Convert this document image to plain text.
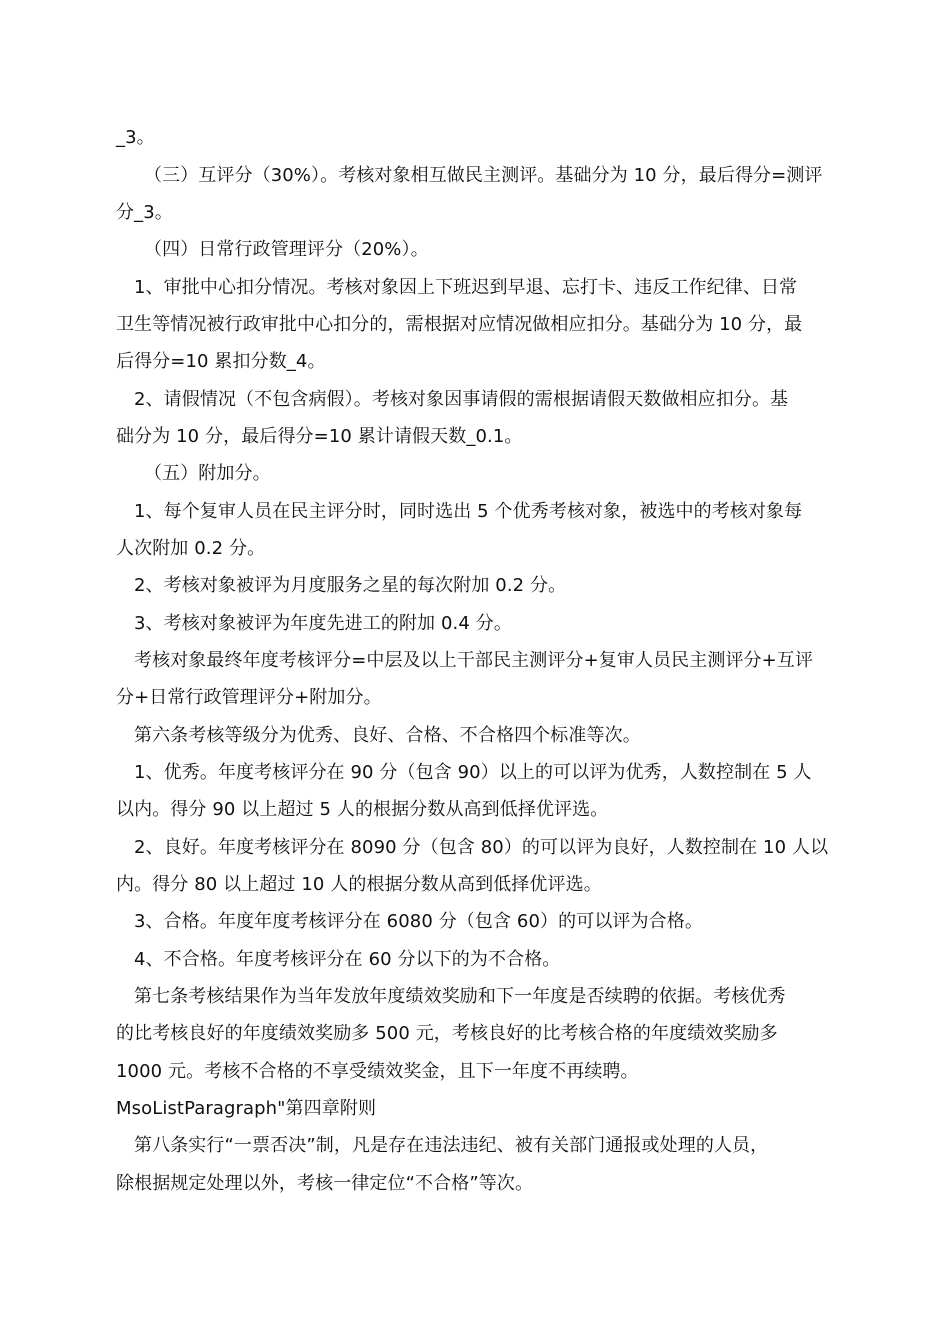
_3。
（三）互评分（30%）。考核对象相互做民主测评。基础分为 10 分，最后得分=测评
分_3。
（四）日常行政管理评分（20%）。
1、审批中心扣分情况。考核对象因上下班迟到早退、忘打卡、违反工作纪律、日常
卫生等情况被行政审批中心扣分的，需根据对应情况做相应扣分。基础分为 10 分，最
后得分=10 累扣分数_4。
2、请假情况（不包含病假）。考核对象因事请假的需根据请假天数做相应扣分。基
础分为 10 分，最后得分=10 累计请假天数_0.1。
（五）附加分。
1、每个复审人员在民主评分时，同时选出 5 个优秀考核对象，被选中的考核对象每
人次附加 0.2 分。
2、考核对象被评为月度服务之星的每次附加 0.2 分。
3、考核对象被评为年度先进工的附加 0.4 分。
考核对象最终年度考核评分=中层及以上干部民主测评分+复审人员民主测评分+互评
分+日常行政管理评分+附加分。
第六条考核等级分为优秀、良好、合格、不合格四个标准等次。
1、优秀。年度考核评分在 90 分（包含 90）以上的可以评为优秀，人数控制在 5 人
以内。得分 90 以上超过 5 人的根据分数从高到低择优评选。
2、良好。年度考核评分在 8090 分（包含 80）的可以评为良好，人数控制在 10 人以
内。得分 80 以上超过 10 人的根据分数从高到低择优评选。
3、合格。年度年度考核评分在 6080 分（包含 60）的可以评为合格。
4、不合格。年度考核评分在 60 分以下的为不合格。
第七条考核结果作为当年发放年度绩效奖励和下一年度是否续聘的依据。考核优秀
的比考核良好的年度绩效奖励多 500 元，考核良好的比考核合格的年度绩效奖励多
1000 元。考核不合格的不享受绩效奖金，且下一年度不再续聘。
MsoListParagraph"第四章附则
第八条实行“一票否决”制，凡是存在违法违纪、被有关部门通报或处理的人员，
除根据规定处理以外，考核一律定位“不合格”等次。
